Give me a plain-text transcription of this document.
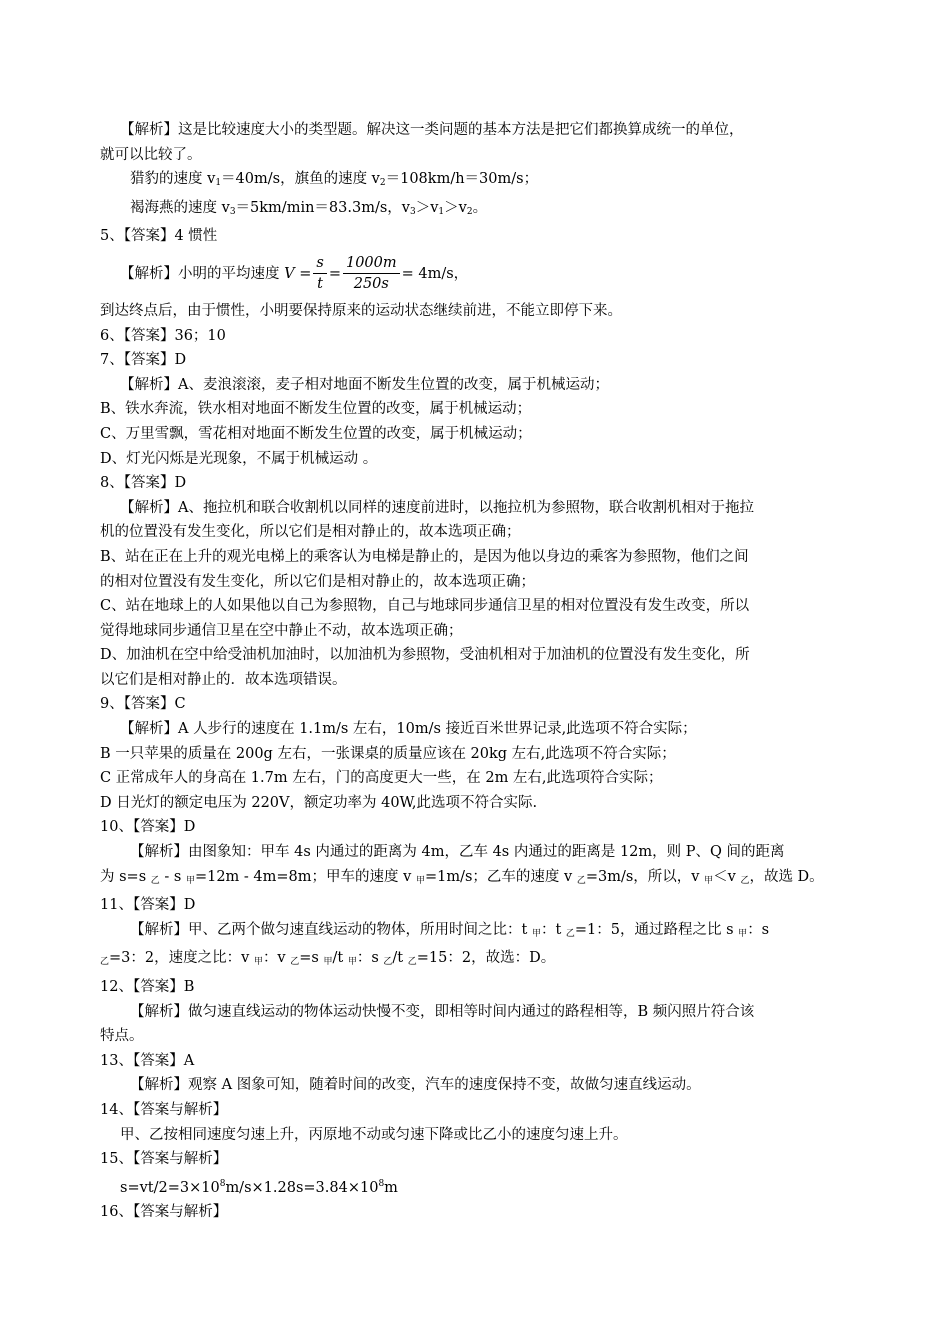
【解析】这是比较速度大小的类型题。解决这一类问题的基本方法是把它们都换算成统一的单位，
就可以比较了。
猎豹的速度 $v_1=40m/s$，旗鱼的速度 $v_2=108km/h=30m/s$；
褐海燕的速度 $v_3=5km/\min=83.3m/s$，$v_3>v_1>v_2$。
5、【答案】4 惯性
【解析】小明的平均速度 $V = \frac{s}{t} = \frac{1000m}{250s} = 4m/s$，
到达终点后，由于惯性，小明要保持原来的运动状态继续前进，不能立即停下来。
6、【答案】36；10
7、【答案】D
【解析】A、麦浪滚滚，麦子相对地面不断发生位置的改变，属于机械运动；
B、铁水奔流，铁水相对地面不断发生位置的改变，属于机械运动；
C、万里雪飘，雪花相对地面不断发生位置的改变，属于机械运动；
D、灯光闪烁是光现象，不属于机械运动 。
8、【答案】D
【解析】A、拖拉机和联合收割机以同样的速度前进时，以拖拉机为参照物，联合收割机相对于拖拉
机的位置没有发生变化，所以它们是相对静止的，故本选项正确；
B、站在正在上升的观光电梯上的乘客认为电梯是静止的，是因为他以身边的乘客为参照物，他们之间
的相对位置没有发生变化，所以它们是相对静止的，故本选项正确；
C、站在地球上的人如果他以自己为参照物，自己与地球同步通信卫星的相对位置没有发生改变，所以
觉得地球同步通信卫星在空中静止不动，故本选项正确；
D、加油机在空中给受油机加油时，以加油机为参照物，受油机相对于加油机的位置没有发生变化，所
以它们是相对静止的．故本选项错误。
9、【答案】C
【解析】A 人步行的速度在 1.1m/s 左右，10m/s 接近百米世界记录,此选项不符合实际；
B 一只苹果的质量在 200g 左右，一张课桌的质量应该在 20kg 左右,此选项不符合实际；
C 正常成年人的身高在 1.7m 左右，门的高度更大一些，在 2m 左右,此选项符合实际；
D 日光灯的额定电压为 220V，额定功率为 40W,此选项不符合实际.
10、【答案】D
【解析】由图象知：甲车 4s 内通过的距离为 4m，乙车 4s 内通过的距离是 12m，则 P、Q 间的距离
为 s=s $_乙$ - s $_甲$=12m - 4m=8m；甲车的速度 v $_甲$=1m/s；乙车的速度 v $_乙$=3m/s，所以，v $_甲$＜v $_乙$，故选 D。
11、【答案】D
【解析】甲、乙两个做匀速直线运动的物体，所用时间之比：t $_甲$：t $_乙$=1：5，通过路程之比 s $_甲$：s
$_乙$=3：2，速度之比：v $_甲$：v $_乙$=s $_甲$/t $_甲$：s $_乙$/t $_乙$=15：2，故选：D。
12、【答案】B
【解析】做匀速直线运动的物体运动快慢不变，即相等时间内通过的路程相等，B 频闪照片符合该
特点。
13、【答案】A
【解析】观察 A 图象可知，随着时间的改变，汽车的速度保持不变，故做匀速直线运动。
14、【答案与解析】
甲、乙按相同速度匀速上升，丙原地不动或匀速下降或比乙小的速度匀速上升。
15、【答案与解析】
$s=vt/2=3\times 10^8m/s\times 1.28s=3.84\times 10^8m$
16、【答案与解析】
